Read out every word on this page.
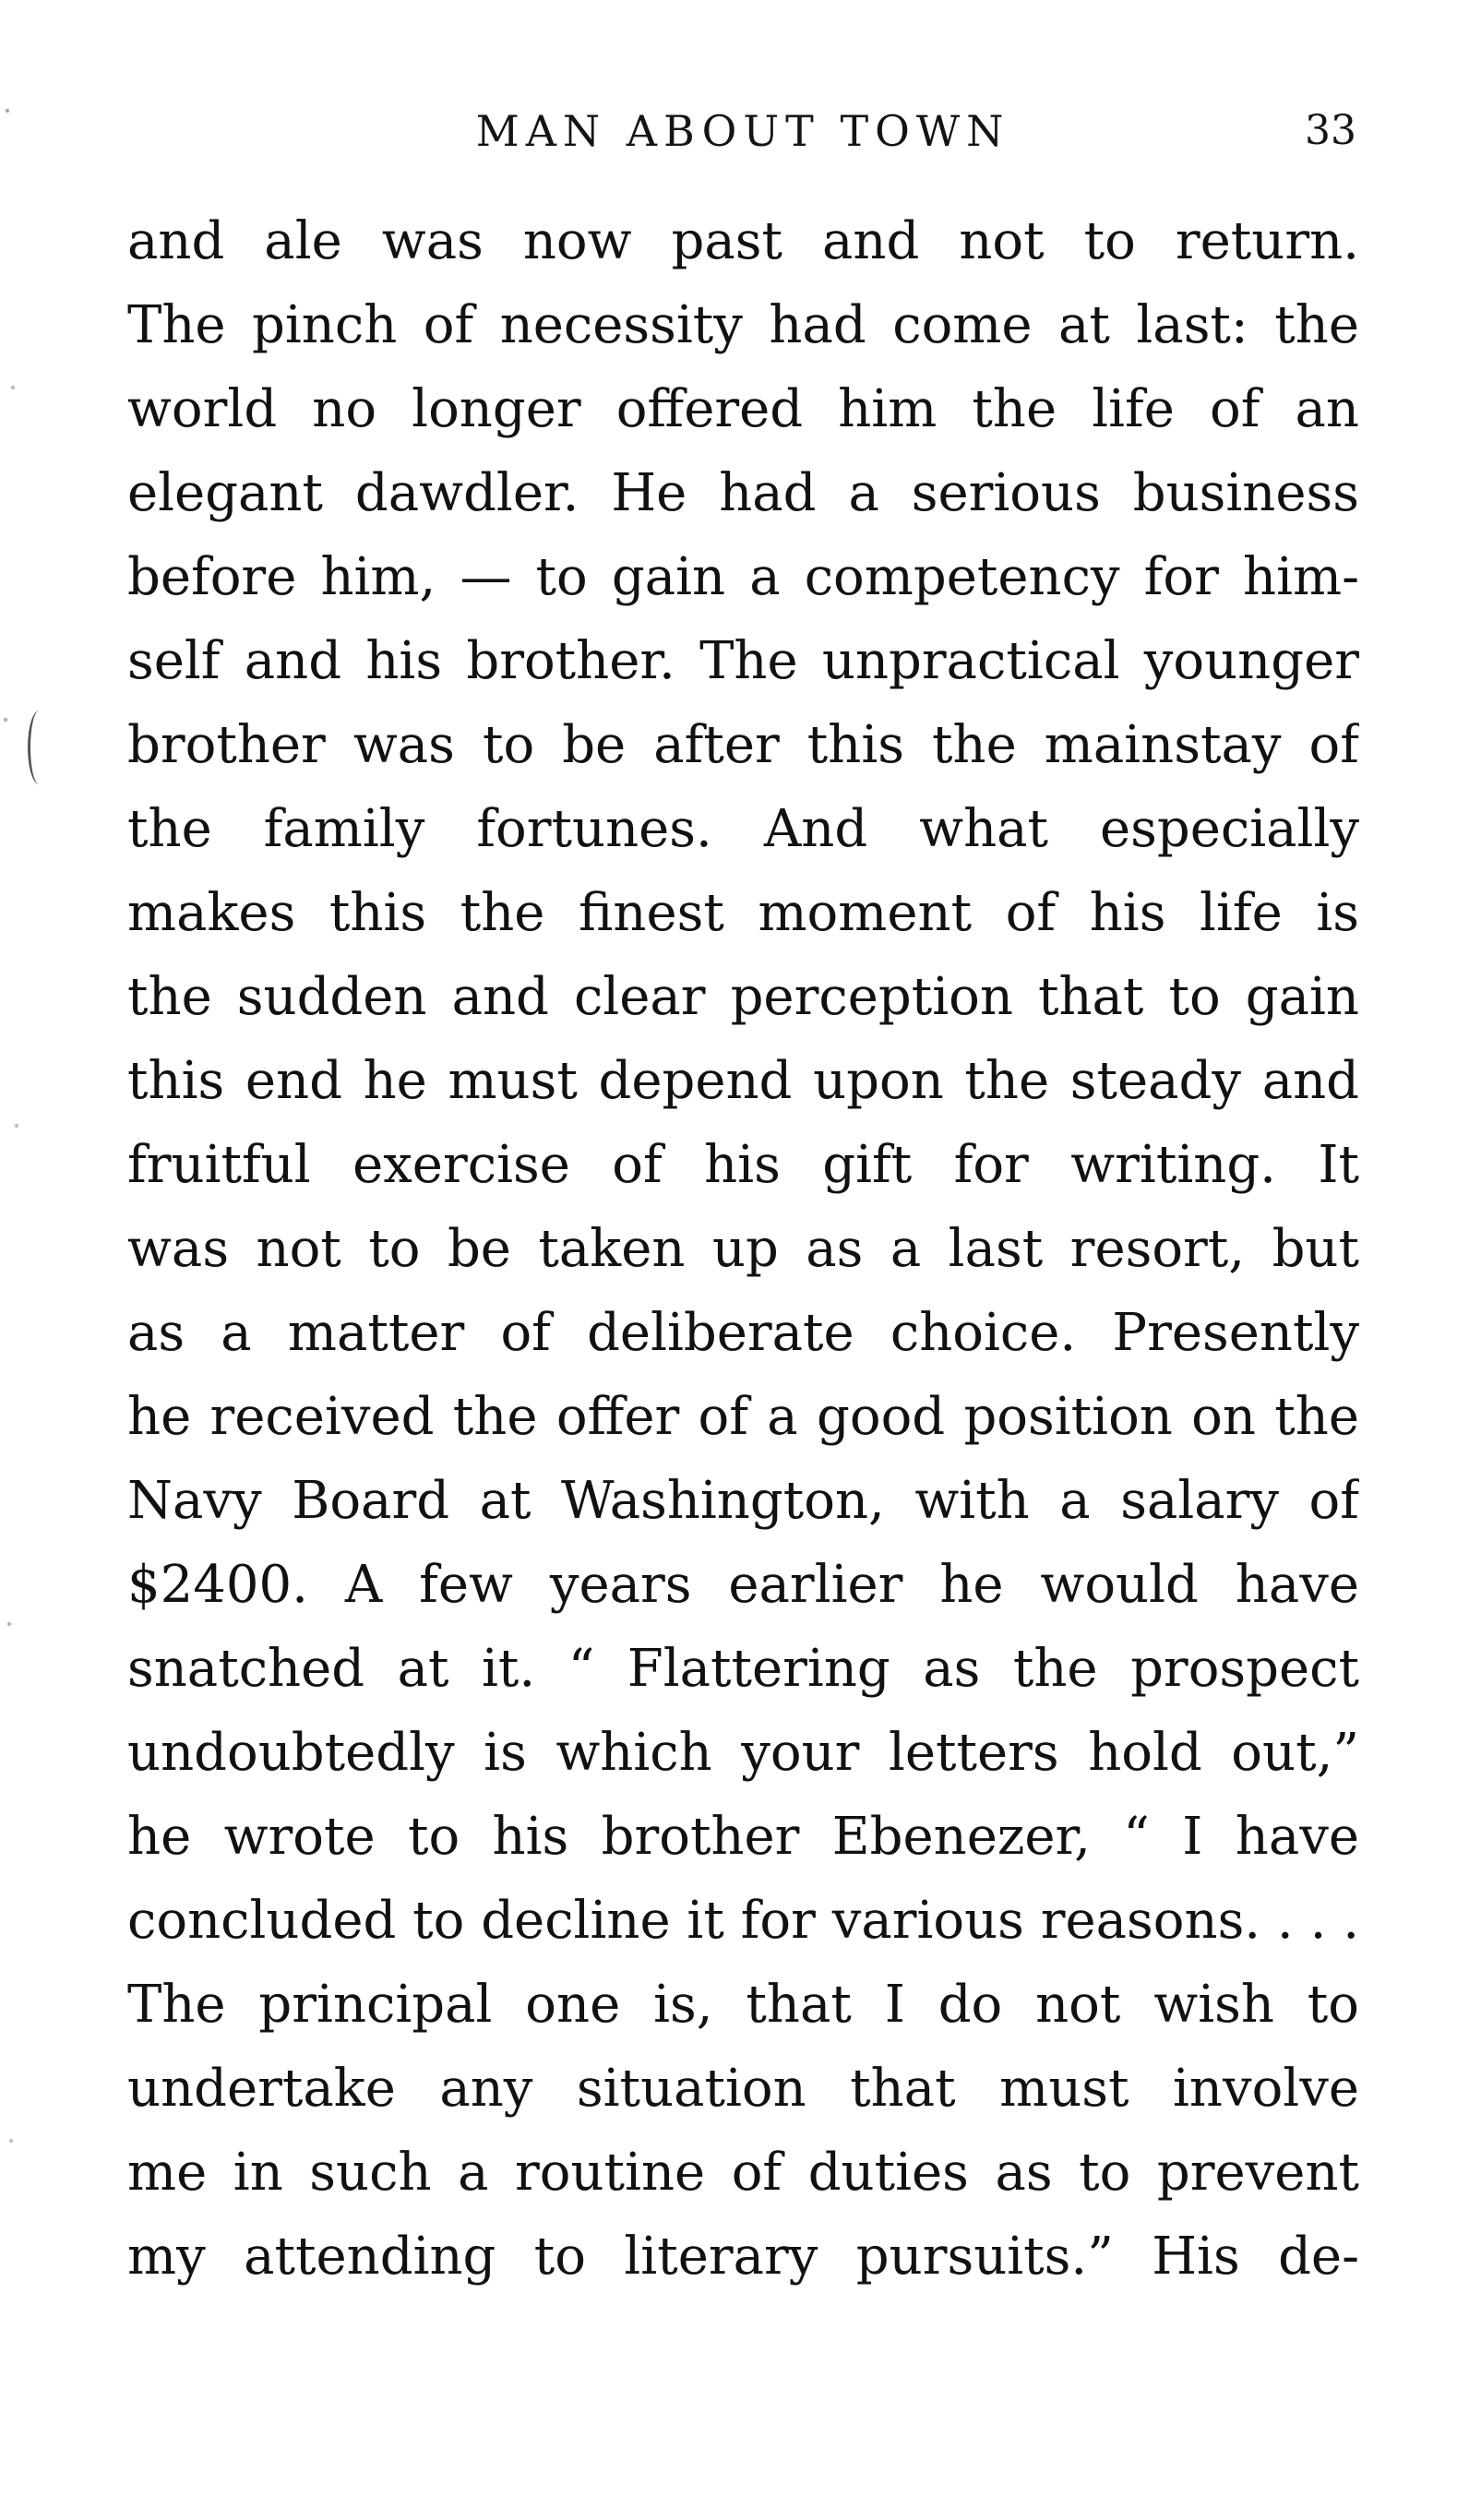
MAN ABOUT TOWN	33
and ale was now past and not to return.
The pinch of necessity had come at last: the
world no longer offered him the life of an
elegant dawdler. He had a serious business
before him, — to gain a competency for him-
self and his brother. The unpractical younger
brother was to be after this the mainstay of
the family fortunes. And what especially
makes this the finest moment of his life is
the sudden and clear perception that to gain
this end he must depend upon the steady and
fruitful exercise of his gift for writing. It
was not to be taken up as a last resort, but
as a matter of deliberate choice. Presently
he received the offer of a good position on the
Navy Board at Washington, with a salary of
$2400. A few years earlier he would have
snatched at it. “ Flattering as the prospect
undoubtedly is which your letters hold out,”
he wrote to his brother Ebenezer, “ I have
concluded to decline it for various reasons. . . .
The principal one is, that I do not wish to
undertake any situation that must involve
me in such a routine of duties as to prevent
my attending to literary pursuits.” His de-
